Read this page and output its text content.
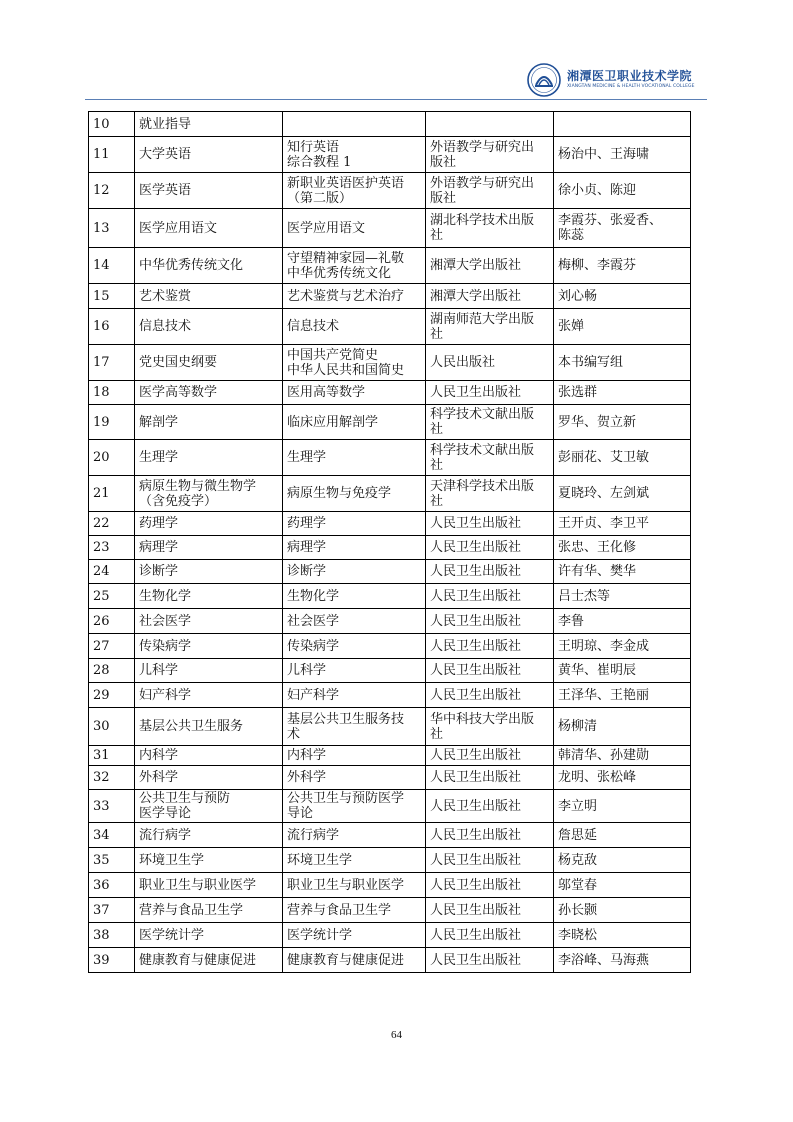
湘潭医卫职业技术学院
XIANGTAN MEDICINE & HEALTH VOCATIONAL COLLEGE
10	就业指导			
11	大学英语	知行英语
综合教程 1	外语教学与研究出
版社	杨治中、王海啸
12	医学英语	新职业英语医护英语
（第二版）	外语教学与研究出
版社	徐小贞、陈迎
13	医学应用语文	医学应用语文	湖北科学技术出版
社	李霞芬、张爱香、
陈蕊
14	中华优秀传统文化	守望精神家园—礼敬
中华优秀传统文化	湘潭大学出版社	梅柳、李霞芬
15	艺术鉴赏	艺术鉴赏与艺术治疗	湘潭大学出版社	刘心畅
16	信息技术	信息技术	湖南师范大学出版
社	张婵
17	党史国史纲要	中国共产党简史
中华人民共和国简史	人民出版社	本书编写组
18	医学高等数学	医用高等数学	人民卫生出版社	张选群
19	解剖学	临床应用解剖学	科学技术文献出版
社	罗华、贺立新
20	生理学	生理学	科学技术文献出版
社	彭丽花、艾卫敏
21	病原生物与微生物学
（含免疫学）	病原生物与免疫学	天津科学技术出版
社	夏晓玲、左剑斌
22	药理学	药理学	人民卫生出版社	王开贞、李卫平
23	病理学	病理学	人民卫生出版社	张忠、王化修
24	诊断学	诊断学	人民卫生出版社	许有华、樊华
25	生物化学	生物化学	人民卫生出版社	吕士杰等
26	社会医学	社会医学	人民卫生出版社	李鲁
27	传染病学	传染病学	人民卫生出版社	王明琼、李金成
28	儿科学	儿科学	人民卫生出版社	黄华、崔明辰
29	妇产科学	妇产科学	人民卫生出版社	王泽华、王艳丽
30	基层公共卫生服务	基层公共卫生服务技
术	华中科技大学出版
社	杨柳清
31	内科学	内科学	人民卫生出版社	韩清华、孙建勋
32	外科学	外科学	人民卫生出版社	龙明、张松峰
33	公共卫生与预防
医学导论	公共卫生与预防医学
导论	人民卫生出版社	李立明
34	流行病学	流行病学	人民卫生出版社	詹思延
35	环境卫生学	环境卫生学	人民卫生出版社	杨克敌
36	职业卫生与职业医学	职业卫生与职业医学	人民卫生出版社	邬堂春
37	营养与食品卫生学	营养与食品卫生学	人民卫生出版社	孙长颢
38	医学统计学	医学统计学	人民卫生出版社	李晓松
39	健康教育与健康促进	健康教育与健康促进	人民卫生出版社	李浴峰、马海燕
64
